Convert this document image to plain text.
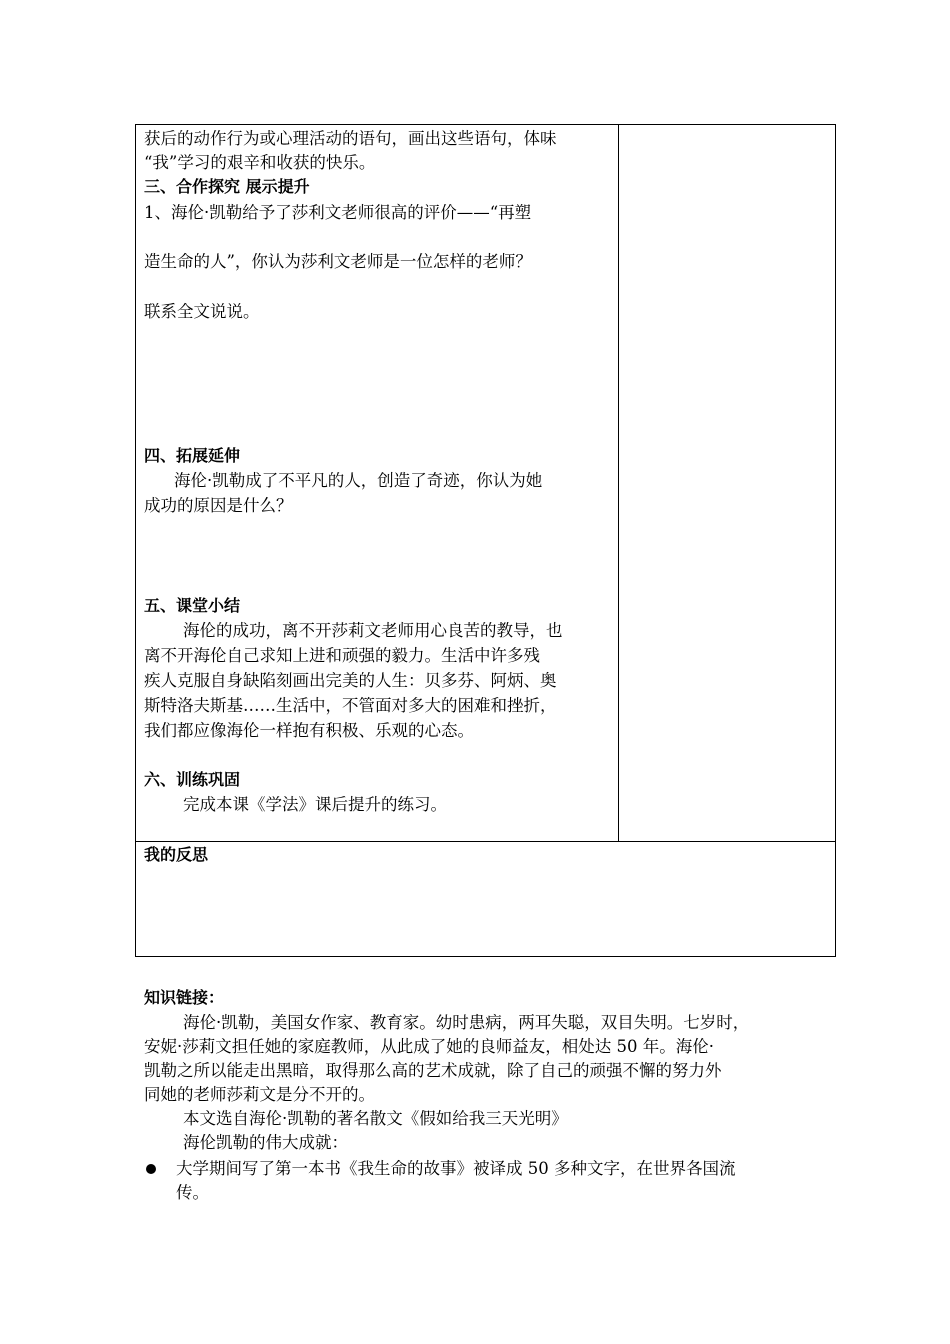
获后的动作行为或心理活动的语句，画出这些语句，体味
“我”学习的艰辛和收获的快乐。
三、合作探究 展示提升
1、海伦·凯勒给予了莎利文老师很高的评价——“再塑
造生命的人”，你认为莎利文老师是一位怎样的老师？
联系全文说说。
四、拓展延伸
海伦·凯勒成了不平凡的人，创造了奇迹，你认为她
成功的原因是什么？
五、课堂小结
海伦的成功，离不开莎莉文老师用心良苦的教导，也
离不开海伦自己求知上进和顽强的毅力。生活中许多残
疾人克服自身缺陷刻画出完美的人生：贝多芬、阿炳、奥
斯特洛夫斯基……生活中，不管面对多大的困难和挫折，
我们都应像海伦一样抱有积极、乐观的心态。
六、训练巩固
完成本课《学法》课后提升的练习。
我的反思
知识链接：
海伦·凯勒，美国女作家、教育家。幼时患病，两耳失聪，双目失明。七岁时，
安妮·莎莉文担任她的家庭教师，从此成了她的良师益友，相处达 50 年。海伦·
凯勒之所以能走出黑暗，取得那么高的艺术成就，除了自己的顽强不懈的努力外
同她的老师莎莉文是分不开的。
本文选自海伦·凯勒的著名散文《假如给我三天光明》
海伦凯勒的伟大成就：
大学期间写了第一本书《我生命的故事》被译成 50 多种文字，在世界各国流
传。
